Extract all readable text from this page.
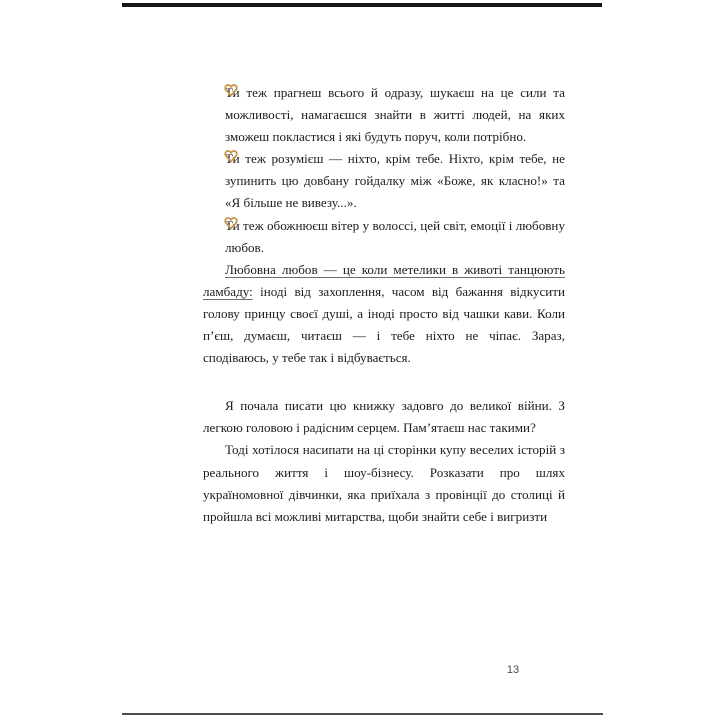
Ти теж прагнеш всього й одразу, шукаєш на це сили та можливості, намагаєшся знайти в житті людей, на яких зможеш покластися і які будуть поруч, коли потрібно.

Ти теж розумієш — ніхто, крім тебе. Ніхто, крім тебе, не зупинить цю довбану гойдалку між «Боже, як класно!» та «Я більше не вивезу...».

Ти теж обожнюєш вітер у волоссі, цей світ, емоції і любовну любов.

Любовна любов — це коли метелики в животі танцюють ламбаду: іноді від захоплення, часом від бажання відкусити голову принцу своєї душі, а іноді просто від чашки кави. Коли п’єш, думаєш, читаєш — і тебе ніхто не чіпає. Зараз, сподіваюсь, у тебе так і відбувається.

Я почала писати цю книжку задовго до великої війни. З легкою головою і радісним серцем. Пам’ятаєш нас такими?

Тоді хотілося насипати на ці сторінки купу веселих історій з реального життя і шоу-бізнесу. Розказати про шлях україномовної дівчинки, яка приїхала з провінції до столиці й пройшла всі можливі митарства, щоби знайти себе і вигризти

13
